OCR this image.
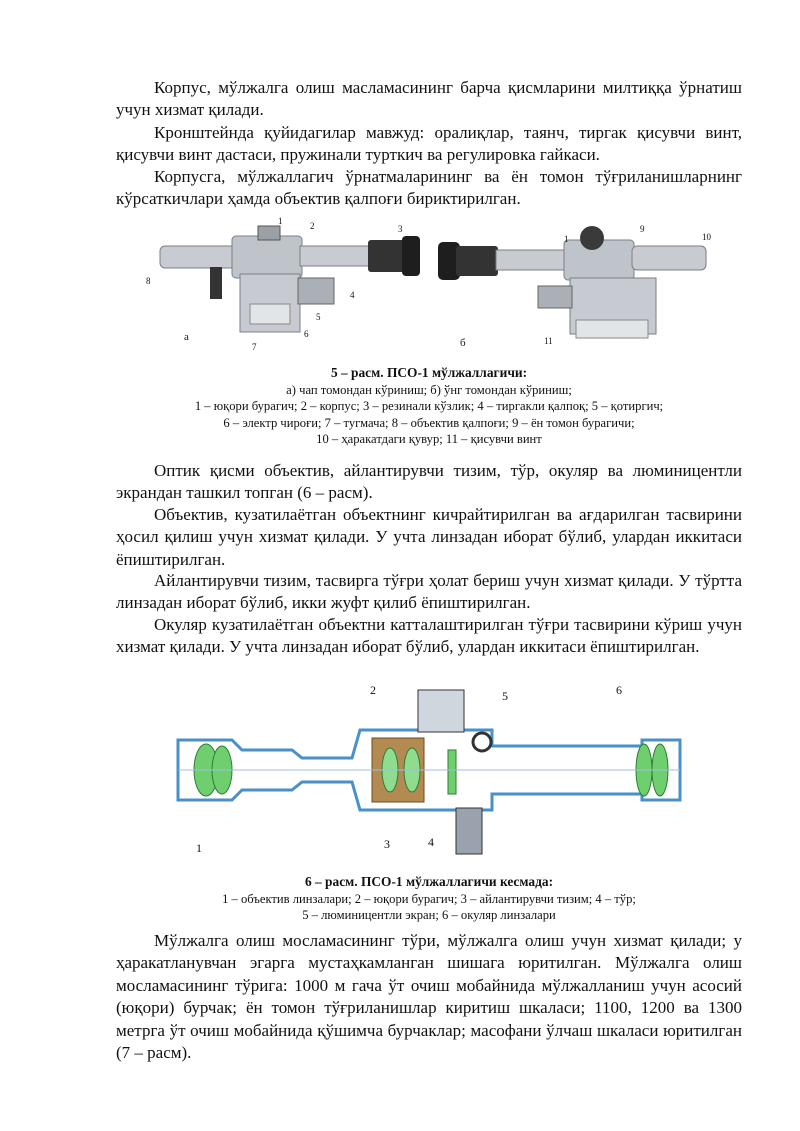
Корпус, мўлжалга олиш масламасининг барча қисмларини милтиққа ўрнатиш учун хизмат қилади.

Кронштейнда қуйидагилар мавжуд: оралиқлар, таянч, тиргак қисувчи винт, қисувчи винт дастаси, пружинали турткич ва регулировка гайкаси.

Корпусга, мўлжаллагич ўрнатмаларининг ва ён томон тўғриланишларнинг кўрсаткичлари ҳамда объектив қалпоғи бириктирилган.

1	2	3
4
5
6
7
8
а
1
9
10
11
б
5 – расм. ПСО-1 мўлжаллагичи:
а) чап томондан кўриниш; б) ўнг томондан кўриниш;
1 – юқори бурагич; 2 – корпус; 3 – резинали кўзлик; 4 – тиргакли қалпоқ; 5 – қотиргич;
6 – электр чироғи; 7 – тугмача; 8 – объектив қалпоғи; 9 – ён томон бурагичи;
10 – ҳаракатдаги қувур; 11 – қисувчи винт

Оптик қисми объектив, айлантирувчи тизим, тўр, окуляр ва люминицентли экрандан ташкил топган (6 – расм).

Объектив, кузатилаётган объектнинг кичрайтирилган ва ағдарилган тасвирини ҳосил қилиш учун хизмат қилади. У учта линзадан иборат бўлиб, улардан иккитаси ёпиштирилган.

Айлантирувчи тизим, тасвирга тўғри ҳолат бериш учун хизмат қилади. У тўртта линзадан иборат бўлиб, икки жуфт қилиб ёпиштирилган.

Окуляр кузатилаётган объектни катталаштирилган тўғри тасвирини кўриш учун хизмат қилади. У учта линзадан иборат бўлиб, улардан иккитаси ёпиштирилган.

1
2
3	4
5	6
6 – расм. ПСО-1 мўлжаллагичи кесмада:
1 – объектив линзалари; 2 – юқори бурагич; 3 – айлантирувчи тизим; 4 – тўр;
5 – люминицентли экран; 6 – окуляр линзалари

Мўлжалга олиш мосламасининг тўри, мўлжалга олиш учун хизмат қилади; у ҳаракатланувчан эгарга мустаҳкамланган шишага юритилган. Мўлжалга олиш мосламасининг тўрига: 1000 м гача ўт очиш мобайнида мўлжалланиш учун асосий (юқори) бурчак; ён томон тўғриланишлар киритиш шкаласи; 1100, 1200 ва 1300 метрга ўт очиш мобайнида қўшимча бурчаклар; масофани ўлчаш шкаласи юритилган (7 – расм).
